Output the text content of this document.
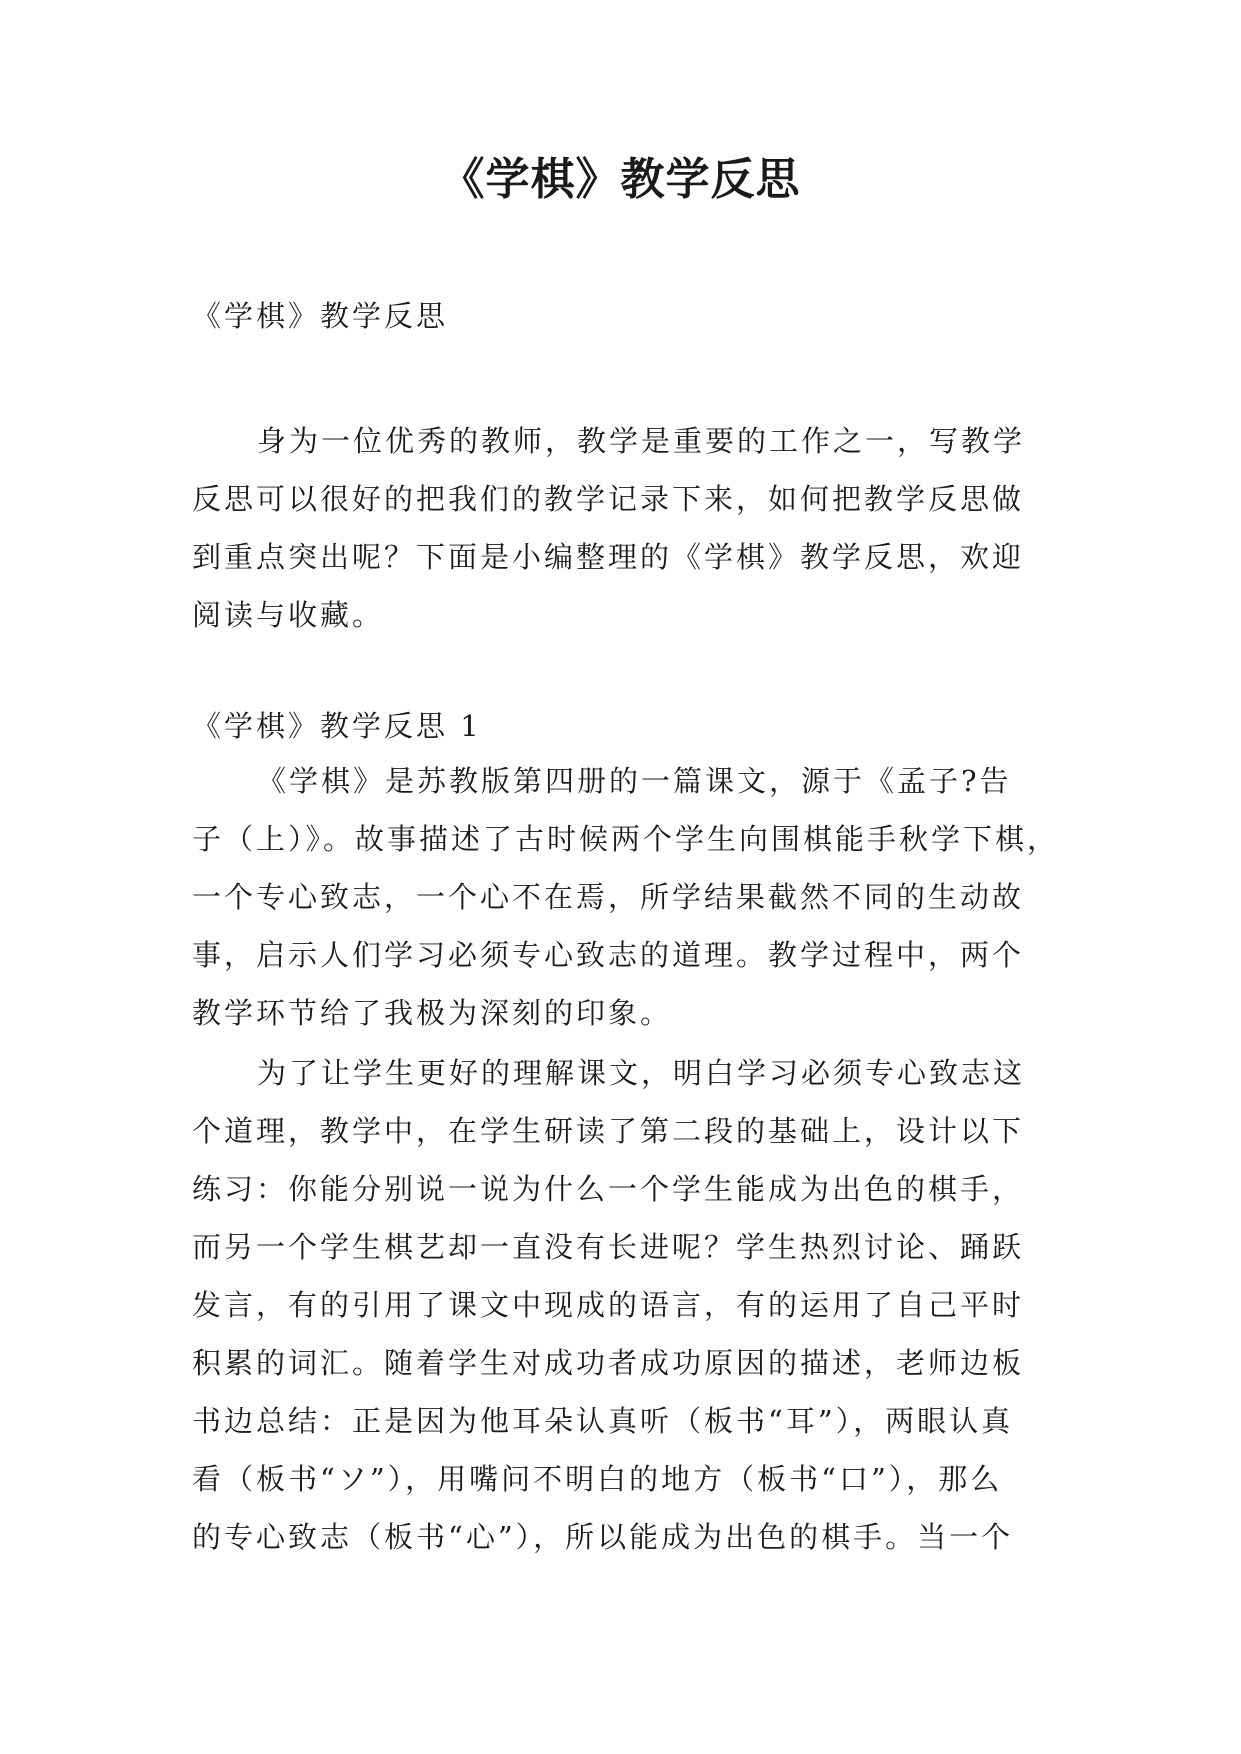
《学棋》教学反思

《学棋》教学反思

身为一位优秀的教师，教学是重要的工作之一，写教学
反思可以很好的把我们的教学记录下来，如何把教学反思做
到重点突出呢？下面是小编整理的《学棋》教学反思，欢迎
阅读与收藏。

《学棋》教学反思 1

《学棋》是苏教版第四册的一篇课文，源于《孟子?告
子（上）》。故事描述了古时候两个学生向围棋能手秋学下棋，
一个专心致志，一个心不在焉，所学结果截然不同的生动故
事，启示人们学习必须专心致志的道理。教学过程中，两个
教学环节给了我极为深刻的印象。
为了让学生更好的理解课文，明白学习必须专心致志这
个道理，教学中，在学生研读了第二段的基础上，设计以下
练习：你能分别说一说为什么一个学生能成为出色的棋手，
而另一个学生棋艺却一直没有长进呢？学生热烈讨论、踊跃
发言，有的引用了课文中现成的语言，有的运用了自己平时
积累的词汇。随着学生对成功者成功原因的描述，老师边板
书边总结：正是因为他耳朵认真听（板书“耳”），两眼认真
看（板书“ソ”），用嘴问不明白的地方（板书“口”），那么
的专心致志（板书“心”），所以能成为出色的棋手。当一个
